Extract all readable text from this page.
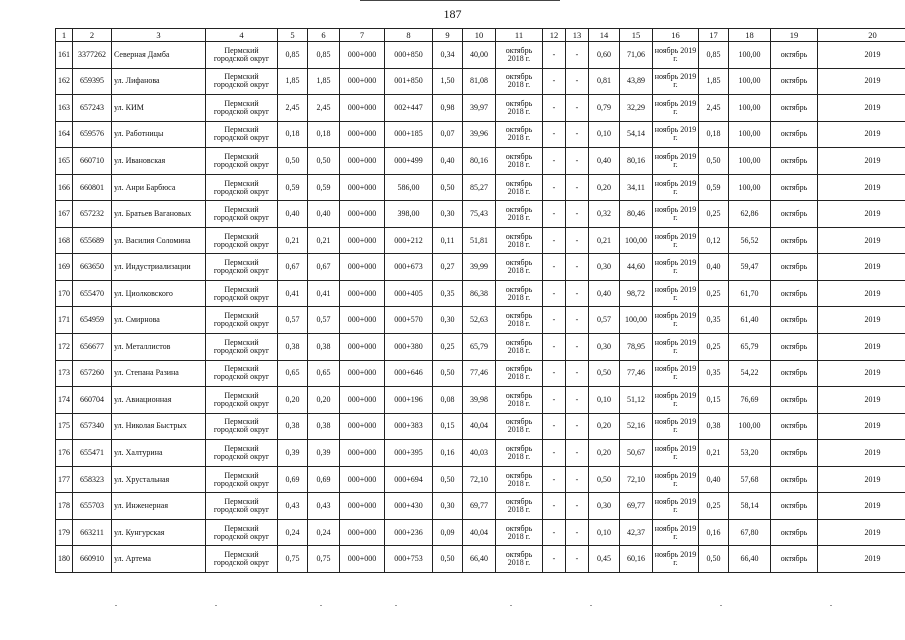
187
1	2	3	4	5	6	7	8	9	10	11	12	13	14	15	16	17	18	19	20
161	3377262	Северная Дамба	Пермский городской округ	0,85	0,85	000+000	000+850	0,34	40,00	октябрь 2018 г.	-	-	0,60	71,06	ноябрь 2019 г.	0,85	100,00	октябрь	2019
162	659395	ул. Лифанова	Пермский городской округ	1,85	1,85	000+000	001+850	1,50	81,08	октябрь 2018 г.	-	-	0,81	43,89	ноябрь 2019 г.	1,85	100,00	октябрь	2019
163	657243	ул. КИМ	Пермский городской округ	2,45	2,45	000+000	002+447	0,98	39,97	октябрь 2018 г.	-	-	0,79	32,29	ноябрь 2019 г.	2,45	100,00	октябрь	2019
164	659576	ул. Работницы	Пермский городской округ	0,18	0,18	000+000	000+185	0,07	39,96	октябрь 2018 г.	-	-	0,10	54,14	ноябрь 2019 г.	0,18	100,00	октябрь	2019
165	660710	ул. Ивановская	Пермский городской округ	0,50	0,50	000+000	000+499	0,40	80,16	октябрь 2018 г.	-	-	0,40	80,16	ноябрь 2019 г.	0,50	100,00	октябрь	2019
166	660801	ул. Анри Барбюса	Пермский городской округ	0,59	0,59	000+000	586,00	0,50	85,27	октябрь 2018 г.	-	-	0,20	34,11	ноябрь 2019 г.	0,59	100,00	октябрь	2019
167	657232	ул. Братьев Вагановых	Пермский городской округ	0,40	0,40	000+000	398,00	0,30	75,43	октябрь 2018 г.	-	-	0,32	80,46	ноябрь 2019 г.	0,25	62,86	октябрь	2019
168	655689	ул. Василия Соломина	Пермский городской округ	0,21	0,21	000+000	000+212	0,11	51,81	октябрь 2018 г.	-	-	0,21	100,00	ноябрь 2019 г.	0,12	56,52	октябрь	2019
169	663650	ул. Индустриализации	Пермский городской округ	0,67	0,67	000+000	000+673	0,27	39,99	октябрь 2018 г.	-	-	0,30	44,60	ноябрь 2019 г.	0,40	59,47	октябрь	2019
170	655470	ул. Циолковского	Пермский городской округ	0,41	0,41	000+000	000+405	0,35	86,38	октябрь 2018 г.	-	-	0,40	98,72	ноябрь 2019 г.	0,25	61,70	октябрь	2019
171	654959	ул. Смирнова	Пермский городской округ	0,57	0,57	000+000	000+570	0,30	52,63	октябрь 2018 г.	-	-	0,57	100,00	ноябрь 2019 г.	0,35	61,40	октябрь	2019
172	656677	ул. Металлистов	Пермский городской округ	0,38	0,38	000+000	000+380	0,25	65,79	октябрь 2018 г.	-	-	0,30	78,95	ноябрь 2019 г.	0,25	65,79	октябрь	2019
173	657260	ул. Степана Разина	Пермский городской округ	0,65	0,65	000+000	000+646	0,50	77,46	октябрь 2018 г.	-	-	0,50	77,46	ноябрь 2019 г.	0,35	54,22	октябрь	2019
174	660704	ул. Авиационная	Пермский городской округ	0,20	0,20	000+000	000+196	0,08	39,98	октябрь 2018 г.	-	-	0,10	51,12	ноябрь 2019 г.	0,15	76,69	октябрь	2019
175	657340	ул. Николая Быстрых	Пермский городской округ	0,38	0,38	000+000	000+383	0,15	40,04	октябрь 2018 г.	-	-	0,20	52,16	ноябрь 2019 г.	0,38	100,00	октябрь	2019
176	655471	ул. Халтурина	Пермский городской округ	0,39	0,39	000+000	000+395	0,16	40,03	октябрь 2018 г.	-	-	0,20	50,67	ноябрь 2019 г.	0,21	53,20	октябрь	2019
177	658323	ул. Хрустальная	Пермский городской округ	0,69	0,69	000+000	000+694	0,50	72,10	октябрь 2018 г.	-	-	0,50	72,10	ноябрь 2019 г.	0,40	57,68	октябрь	2019
178	655703	ул. Инженерная	Пермский городской округ	0,43	0,43	000+000	000+430	0,30	69,77	октябрь 2018 г.	-	-	0,30	69,77	ноябрь 2019 г.	0,25	58,14	октябрь	2019
179	663211	ул. Кунгурская	Пермский городской округ	0,24	0,24	000+000	000+236	0,09	40,04	октябрь 2018 г.	-	-	0,10	42,37	ноябрь 2019 г.	0,16	67,80	октябрь	2019
180	660910	ул. Артема	Пермский городской округ	0,75	0,75	000+000	000+753	0,50	66,40	октябрь 2018 г.	-	-	0,45	60,16	ноябрь 2019 г.	0,50	66,40	октябрь	2019
